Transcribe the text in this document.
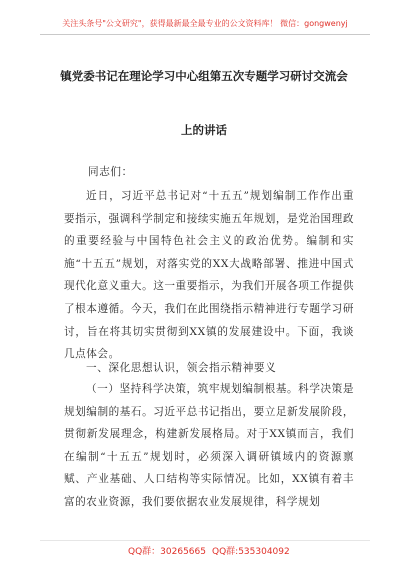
关注头条号"公文研究"，获得最新最全最专业的公文资料库！ 微信：gongwenyj
镇党委书记在理论学习中心组第五次专题学习研讨交流会
上的讲话
同志们：
近日，习近平总书记对“十五五”规划编制工作作出重要指示，强调科学制定和接续实施五年规划，是党治国理政的重要经验与中国特色社会主义的政治优势。编制和实施“十五五”规划，对落实党的XX大战略部署、推进中国式现代化意义重大。这一重要指示，为我们开展各项工作提供了根本遵循。今天，我们在此围绕指示精神进行专题学习研讨，旨在将其切实贯彻到XX镇的发展建设中。下面，我谈几点体会。
一、深化思想认识，领会指示精神要义
（一）坚持科学决策，筑牢规划编制根基。科学决策是规划编制的基石。习近平总书记指出，要立足新发展阶段，贯彻新发展理念，构建新发展格局。对于XX镇而言，我们在编制“十五五”规划时，必须深入调研镇域内的资源禀赋、产业基础、人口结构等实际情况。比如，XX镇有着丰富的农业资源，我们要依据农业发展规律，科学规划
QQ群：30265665 QQ群:535304092
